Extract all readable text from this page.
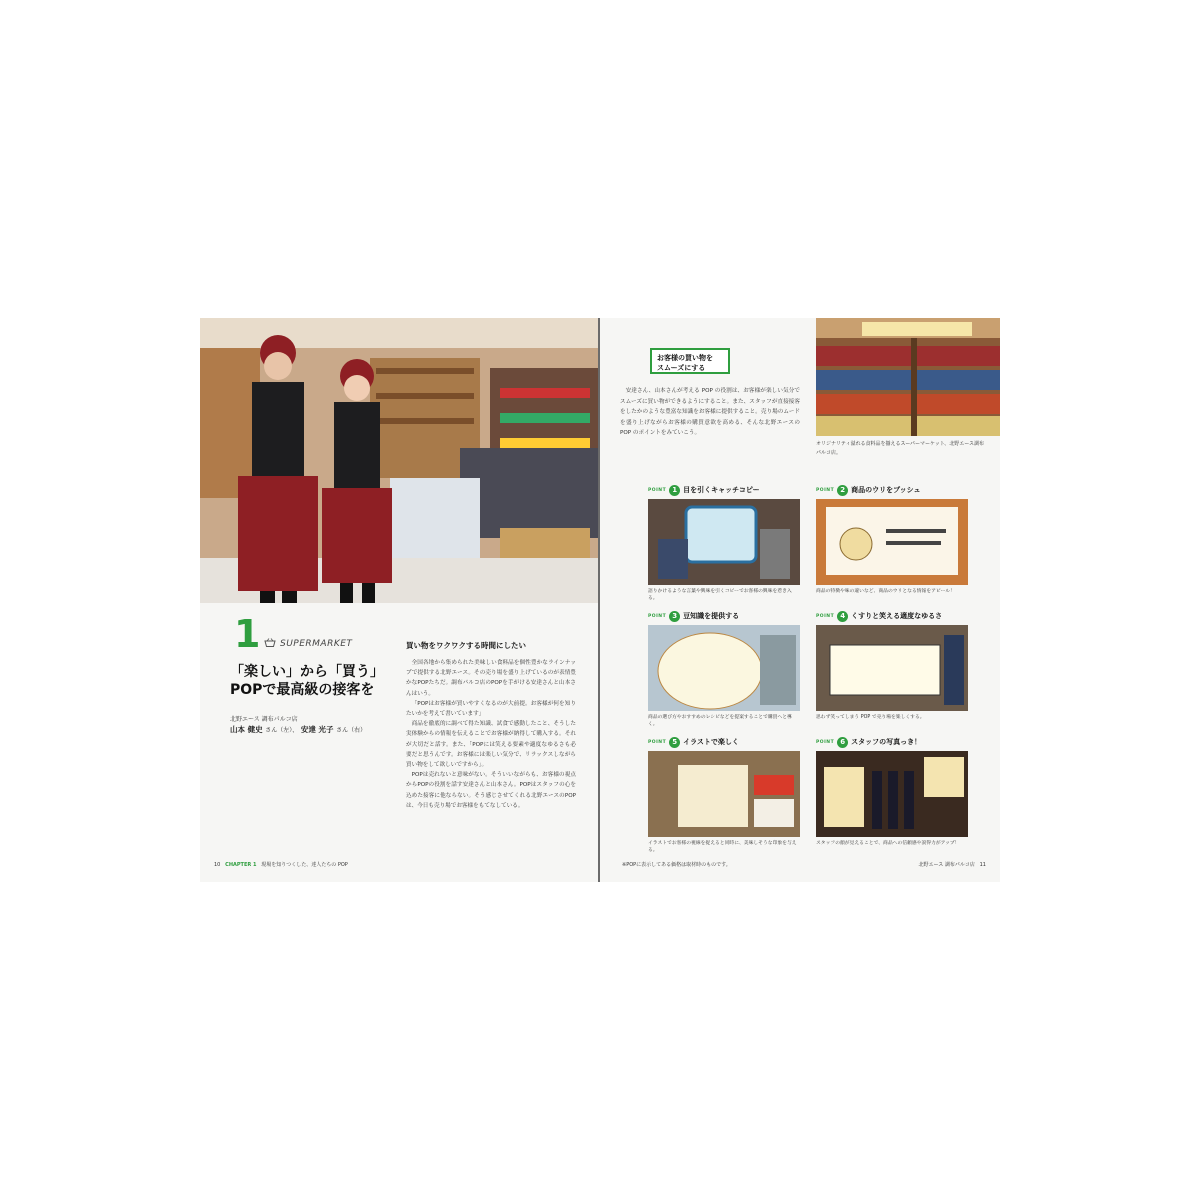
1 SUPERMARKET
「楽しい」から「買う」
POPで最高級の接客を
北野エース 調布パルコ店
山本 健史 さん（左）、 安達 光子 さん（右）
買い物をワクワクする時間にしたい

全国各地から集められた美味しい食料品を個性豊かなラインナップで提供する北野エース。その売り場を盛り上げているのが表情豊かなPOPたちだ。調布パルコ店のPOPを手がける安達さんと山本さんはいう。

「POPはお客様が買いやすくなるのが大前提。お客様が何を知りたいかを考えて書いています」

商品を徹底的に調べて得た知識、試食で感動したこと、そうした実体験からの情報を伝えることでお客様が納得して購入する。それが大切だと話す。また、「POPには笑える要素や適度なゆるさも必要だと思うんです。お客様には楽しい気分で、リラックスしながら買い物をして欲しいですから」。

POPは売れないと意味がない。そういいながらも、お客様の視点からPOPの役割を話す安達さんと山本さん。POPはスタッフの心を込めた接客に他ならない。そう感じさせてくれる北野エースのPOPは、今日も売り場でお客様をもてなしている。

10 CHAPTER 1 現場を知りつくした、達人たちの POP
お客様の買い物を
スムーズにする

安達さん、山本さんが考える POP の役割は、お客様が楽しい気分でスムーズに買い物ができるようにすること。また、スタッフが直接接客をしたかのような豊富な知識をお客様に提供すること。売り場のムードを盛り上げながらお客様の購買意欲を高める、そんな北野エースの POP のポイントをみていこう。

オリジナリティ溢れる食料品を揃えるスーパーマーケット、北野エース調布パルコ店。
POINT 1 目を引くキャッチコピー
語りかけるような言葉や興味を引くコピーでお客様の興味を惹き入る。
POINT 2 商品のウリをプッシュ
商品の特徴や味の違いなど、商品のウリとなる情報をアピール！
POINT 3 豆知識を提供する
商品の選び方やおすすめのレシピなどを提案することで購買へと導く。
POINT 4 くすりと笑える適度なゆるさ
思わず笑ってしまう POP で売り場を楽しくする。
POINT 5 イラストで楽しく
イラストでお客様の視線を捉えると同時に、美味しそうな印象を与える。
POINT 6 スタッフの写真っき！
スタッフの顔が見えることで、商品への信頼感や説得力がアップ！
※POPに表示してある価格は取材時のものです。	北野エース 調布パルコ店 11
